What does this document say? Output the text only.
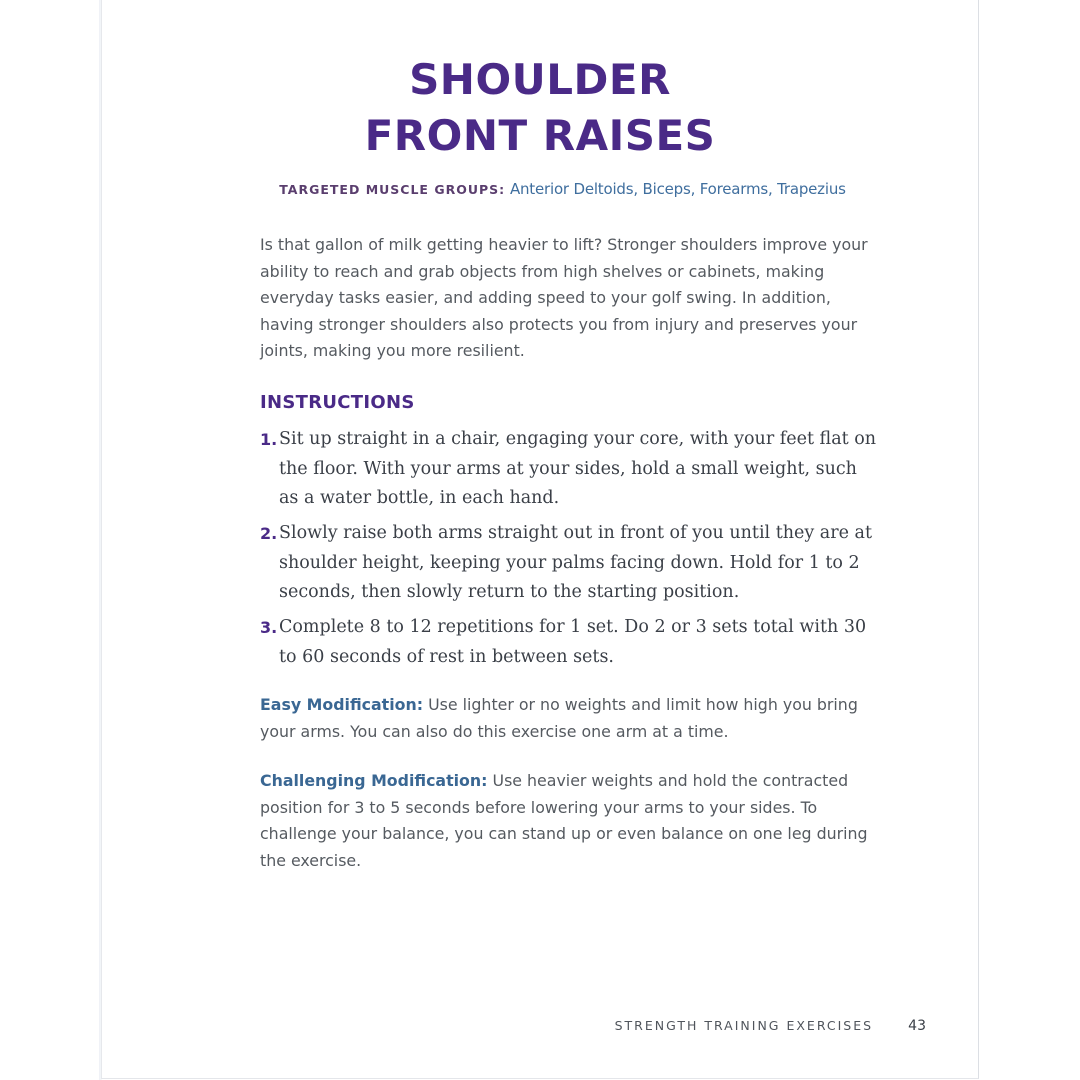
SHOULDER
FRONT RAISES
TARGETED MUSCLE GROUPS: Anterior Deltoids, Biceps, Forearms, Trapezius

Is that gallon of milk getting heavier to lift? Stronger shoulders improve your ability to reach and grab objects from high shelves or cabinets, making everyday tasks easier, and adding speed to your golf swing. In addition, having stronger shoulders also protects you from injury and preserves your joints, making you more resilient.

INSTRUCTIONS
1. Sit up straight in a chair, engaging your core, with your feet flat on the floor. With your arms at your sides, hold a small weight, such as a water bottle, in each hand.
2. Slowly raise both arms straight out in front of you until they are at shoulder height, keeping your palms facing down. Hold for 1 to 2 seconds, then slowly return to the starting position.
3. Complete 8 to 12 repetitions for 1 set. Do 2 or 3 sets total with 30 to 60 seconds of rest in between sets.

Easy Modification: Use lighter or no weights and limit how high you bring your arms. You can also do this exercise one arm at a time.

Challenging Modification: Use heavier weights and hold the contracted position for 3 to 5 seconds before lowering your arms to your sides. To challenge your balance, you can stand up or even balance on one leg during the exercise.

STRENGTH TRAINING EXERCISES	43
